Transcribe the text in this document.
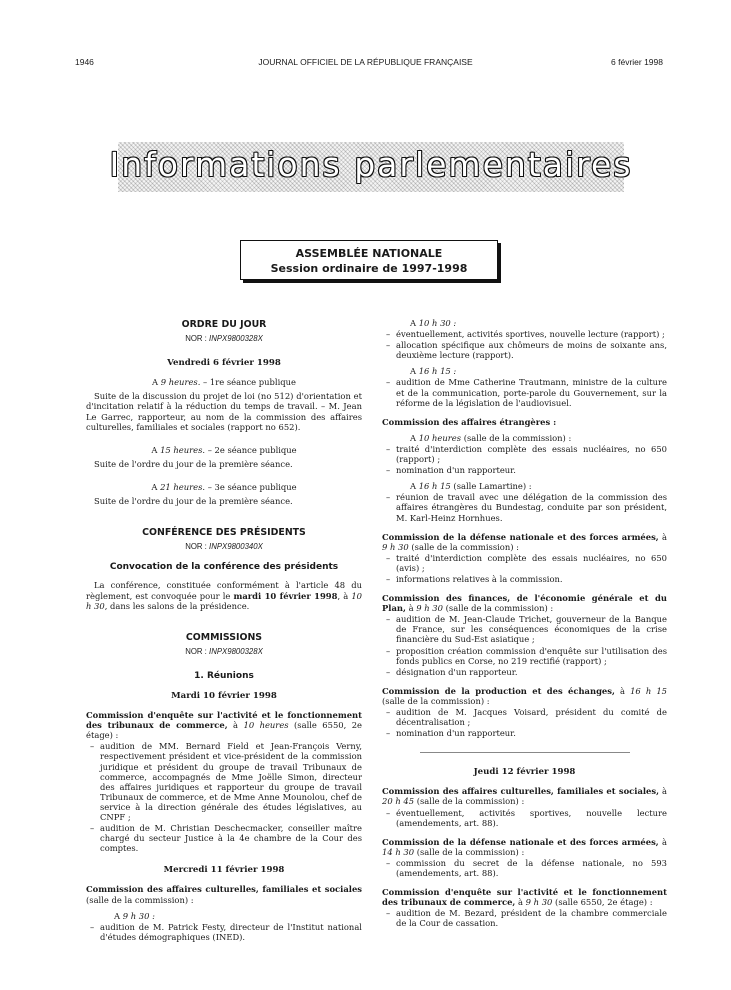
1946	JOURNAL OFFICIEL DE LA RÉPUBLIQUE FRANÇAISE	6 février 1998
Informations parlementaires
ASSEMBLÉE NATIONALE
Session ordinaire de 1997-1998
ORDRE DU JOUR
NOR : INPX9800328X
Vendredi 6 février 1998
A 9 heures. – 1re séance publique
Suite de la discussion du projet de loi (no 512) d'orientation et d'incitation relatif à la réduction du temps de travail. – M. Jean Le Garrec, rapporteur, au nom de la commission des affaires culturelles, familiales et sociales (rapport no 652).
A 15 heures. – 2e séance publique
Suite de l'ordre du jour de la première séance.
A 21 heures. – 3e séance publique
Suite de l'ordre du jour de la première séance.
CONFÉRENCE DES PRÉSIDENTS
NOR : INPX9800340X
Convocation de la conférence des présidents
La conférence, constituée conformément à l'article 48 du règlement, est convoquée pour le mardi 10 février 1998, à 10 h 30, dans les salons de la présidence.
COMMISSIONS
NOR : INPX9800328X
1. Réunions
Mardi 10 février 1998
Commission d'enquête sur l'activité et le fonctionnement des tribunaux de commerce, à 10 heures (salle 6550, 2e étage) :
– audition de MM. Bernard Field et Jean-François Verny, respectivement président et vice-président de la commission juridique et président du groupe de travail Tribunaux de commerce, accompagnés de Mme Joëlle Simon, directeur des affaires juridiques et rapporteur du groupe de travail Tribunaux de commerce, et de Mme Anne Mounolou, chef de service à la direction générale des études législatives, au CNPF ;
– audition de M. Christian Deschecmacker, conseiller maître chargé du secteur Justice à la 4e chambre de la Cour des comptes.
Mercredi 11 février 1998
Commission des affaires culturelles, familiales et sociales (salle de la commission) :
A 9 h 30 :
– audition de M. Patrick Festy, directeur de l'Institut national d'études démographiques (INED).
A 10 h 30 :
– éventuellement, activités sportives, nouvelle lecture (rapport) ;
– allocation spécifique aux chômeurs de moins de soixante ans, deuxième lecture (rapport).
A 16 h 15 :
– audition de Mme Catherine Trautmann, ministre de la culture et de la communication, porte-parole du Gouvernement, sur la réforme de la législation de l'audiovisuel.
Commission des affaires étrangères :
A 10 heures (salle de la commission) :
– traité d'interdiction complète des essais nucléaires, no 650 (rapport) ;
– nomination d'un rapporteur.
A 16 h 15 (salle Lamartine) :
– réunion de travail avec une délégation de la commission des affaires étrangères du Bundestag, conduite par son président, M. Karl-Heinz Hornhues.
Commission de la défense nationale et des forces armées, à 9 h 30 (salle de la commission) :
– traité d'interdiction complète des essais nucléaires, no 650 (avis) ;
– informations relatives à la commission.
Commission des finances, de l'économie générale et du Plan, à 9 h 30 (salle de la commission) :
– audition de M. Jean-Claude Trichet, gouverneur de la Banque de France, sur les conséquences économiques de la crise financière du Sud-Est asiatique ;
– proposition création commission d'enquête sur l'utilisation des fonds publics en Corse, no 219 rectifié (rapport) ;
– désignation d'un rapporteur.
Commission de la production et des échanges, à 16 h 15 (salle de la commission) :
– audition de M. Jacques Voisard, président du comité de décentralisation ;
– nomination d'un rapporteur.
Jeudi 12 février 1998
Commission des affaires culturelles, familiales et sociales, à 20 h 45 (salle de la commission) :
– éventuellement, activités sportives, nouvelle lecture (amendements, art. 88).
Commission de la défense nationale et des forces armées, à 14 h 30 (salle de la commission) :
– commission du secret de la défense nationale, no 593 (amendements, art. 88).
Commission d'enquête sur l'activité et le fonctionnement des tribunaux de commerce, à 9 h 30 (salle 6550, 2e étage) :
– audition de M. Bezard, président de la chambre commerciale de la Cour de cassation.
